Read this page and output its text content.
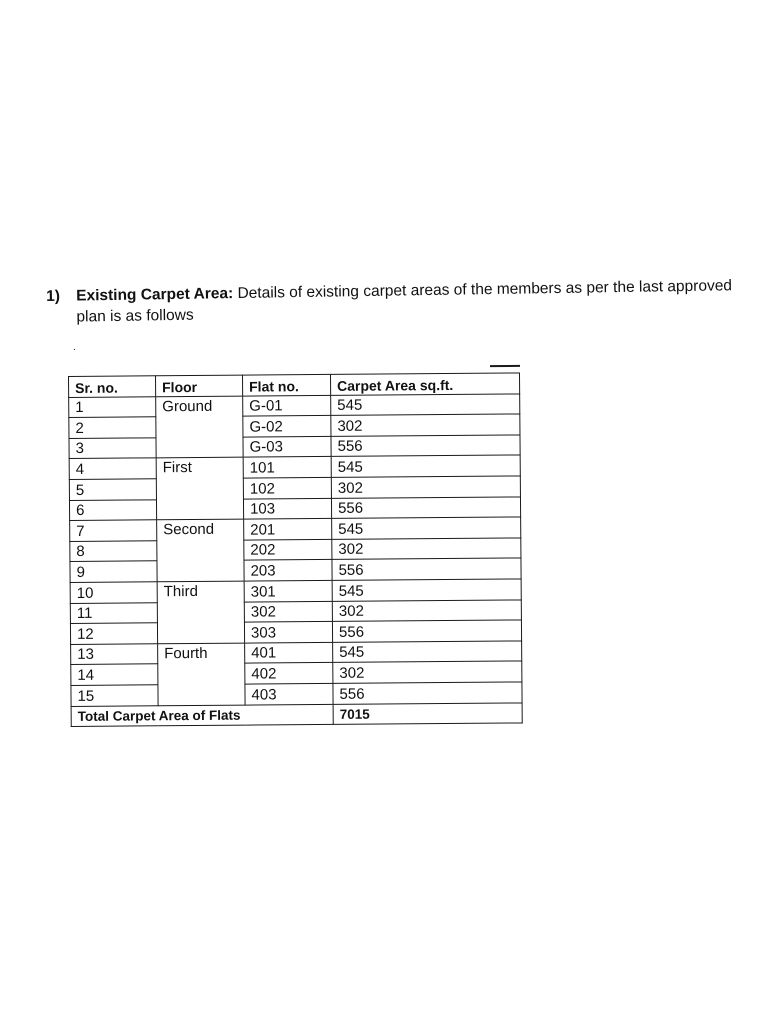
1) Existing Carpet Area: Details of existing carpet areas of the members as per the last approved plan is as follows
.
Sr. no.	Floor	Flat no.	Carpet Area sq.ft.
1	Ground	G-01	545
2		G-02	302
3		G-03	556
4	First	101	545
5		102	302
6		103	556
7	Second	201	545
8		202	302
9		203	556
10	Third	301	545
11		302	302
12		303	556
13	Fourth	401	545
14		402	302
15		403	556
Total Carpet Area of Flats			7015
